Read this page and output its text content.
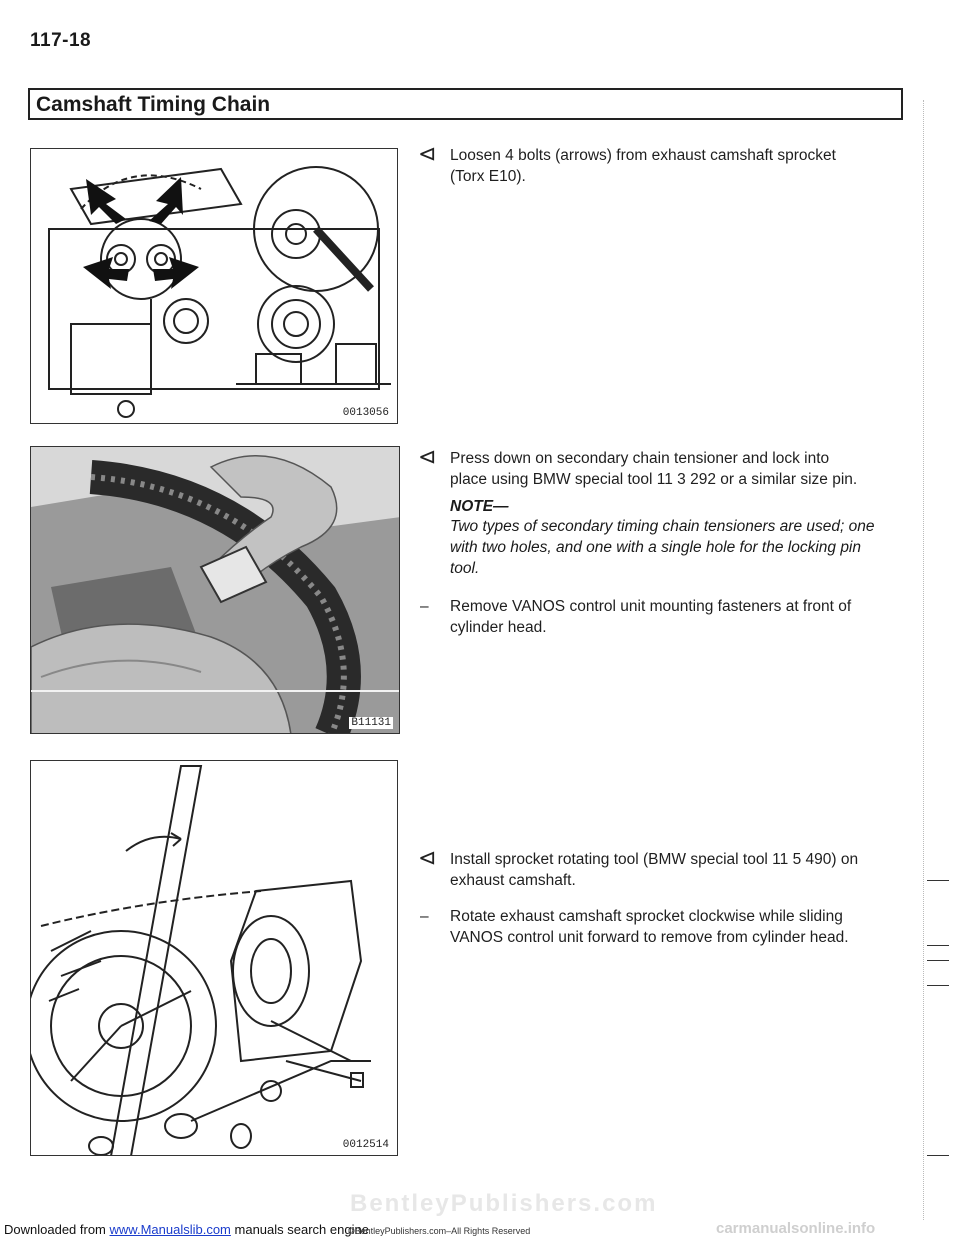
117-18
Camshaft Timing Chain
0013056
B11131
0012514
⊲ Loosen 4 bolts (arrows) from exhaust camshaft sprocket (Torx E10).
⊲ Press down on secondary chain tensioner and lock into place using BMW special tool 11 3 292 or a similar size pin.
NOTE—
Two types of secondary timing chain tensioners are used; one with two holes, and one with a single hole for the locking pin tool.
– Remove VANOS control unit mounting fasteners at front of cylinder head.
⊲ Install sprocket rotating tool (BMW special tool 11 5 490) on exhaust camshaft.
– Rotate exhaust camshaft sprocket clockwise while sliding VANOS control unit forward to remove from cylinder head.
Downloaded from www.Manualslib.com manuals search engine
BentleyPublishers.com
©BentleyPublishers.com–All Rights Reserved	carmanualsonline.info
